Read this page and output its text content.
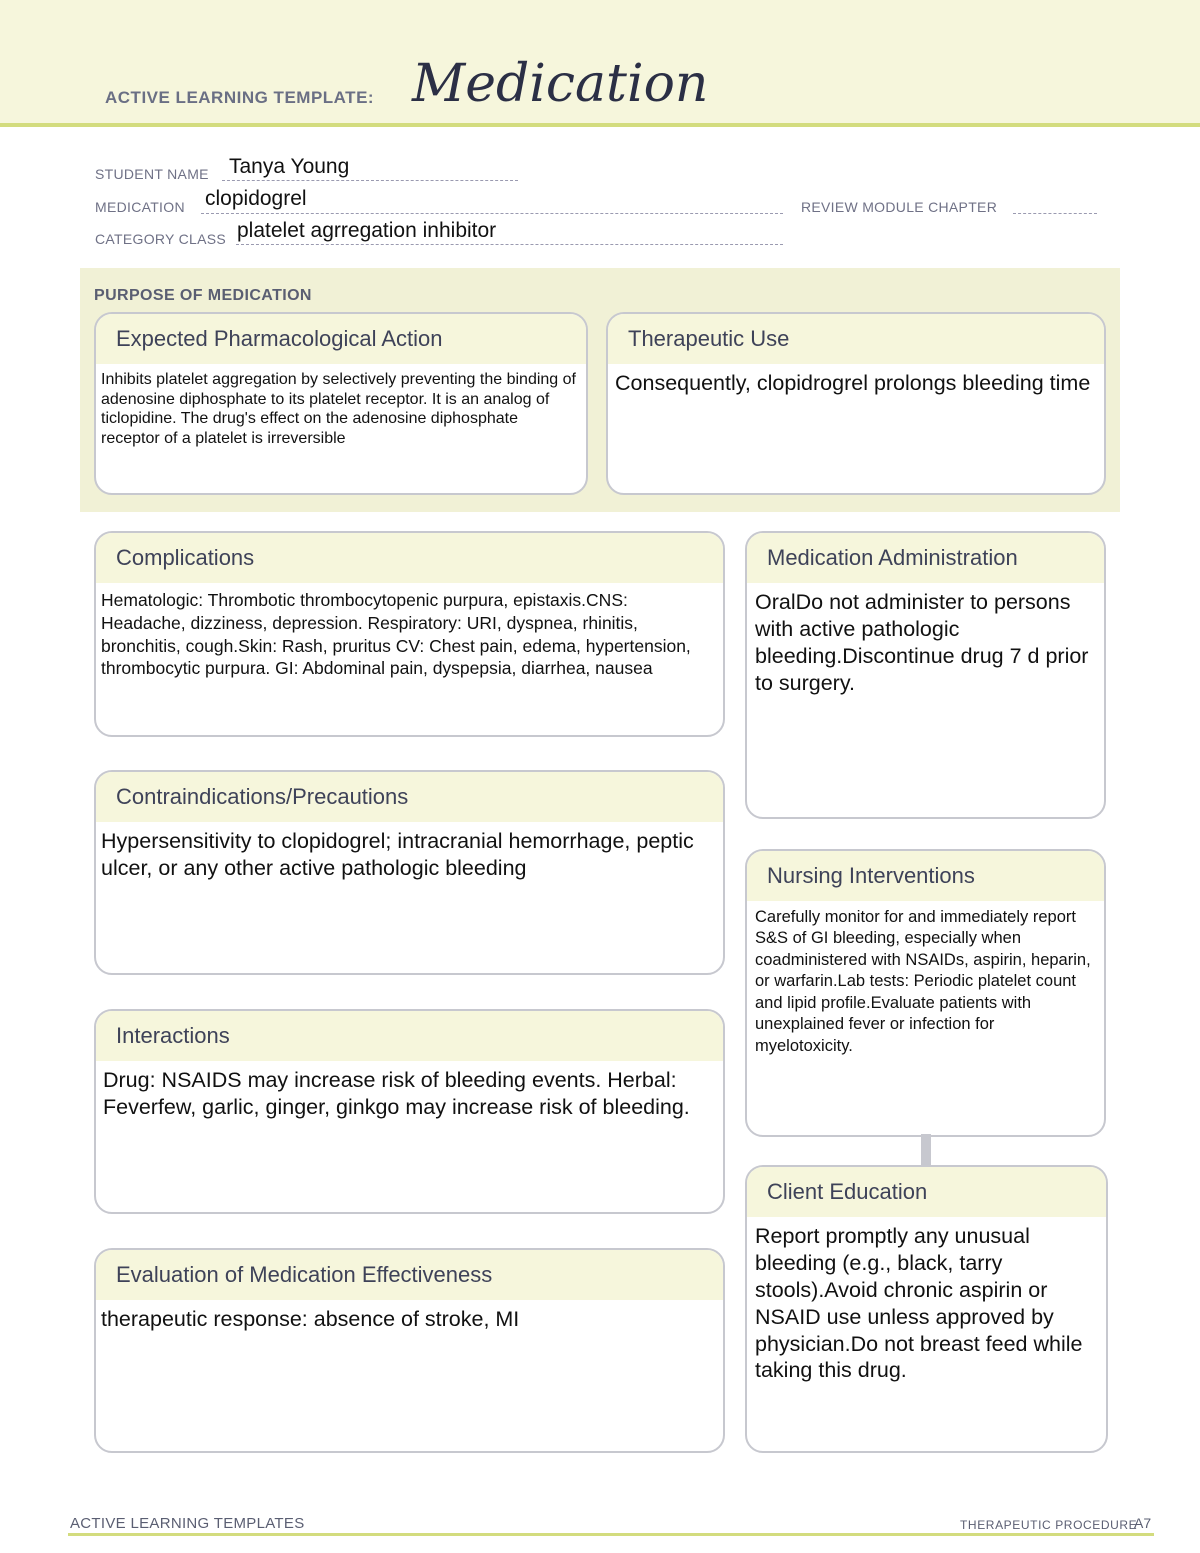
ACTIVE LEARNING TEMPLATE: Medication
STUDENT NAME Tanya Young
MEDICATION clopidogrel	REVIEW MODULE CHAPTER
CATEGORY CLASS platelet agrregation inhibitor
PURPOSE OF MEDICATION
Expected Pharmacological Action
Inhibits platelet aggregation by selectively preventing the binding of adenosine diphosphate to its platelet receptor. It is an analog of ticlopidine. The drug's effect on the adenosine diphosphate receptor of a platelet is irreversible
Therapeutic Use
Consequently, clopidrogrel prolongs bleeding time
Complications
Hematologic: Thrombotic thrombocytopenic purpura, epistaxis.CNS: Headache, dizziness, depression. Respiratory: URI, dyspnea, rhinitis, bronchitis, cough.Skin: Rash, pruritus CV: Chest pain, edema, hypertension, thrombocytic purpura. GI: Abdominal pain, dyspepsia, diarrhea, nausea
Contraindications/Precautions
Hypersensitivity to clopidogrel; intracranial hemorrhage, peptic ulcer, or any other active pathologic bleeding
Interactions
Drug: NSAIDS may increase risk of bleeding events. Herbal: Feverfew, garlic, ginger, ginkgo may increase risk of bleeding.
Evaluation of Medication Effectiveness
therapeutic response: absence of stroke, MI
Medication Administration
OralDo not administer to persons with active pathologic bleeding.Discontinue drug 7 d prior to surgery.
Nursing Interventions
Carefully monitor for and immediately report S&S of GI bleeding, especially when coadministered with NSAIDs, aspirin, heparin, or warfarin.Lab tests: Periodic platelet count and lipid profile.Evaluate patients with unexplained fever or infection for myelotoxicity.
Client Education
Report promptly any unusual bleeding (e.g., black, tarry stools).Avoid chronic aspirin or NSAID use unless approved by physician.Do not breast feed while taking this drug.
ACTIVE LEARNING TEMPLATES	THERAPEUTIC PROCEDURE
A7
